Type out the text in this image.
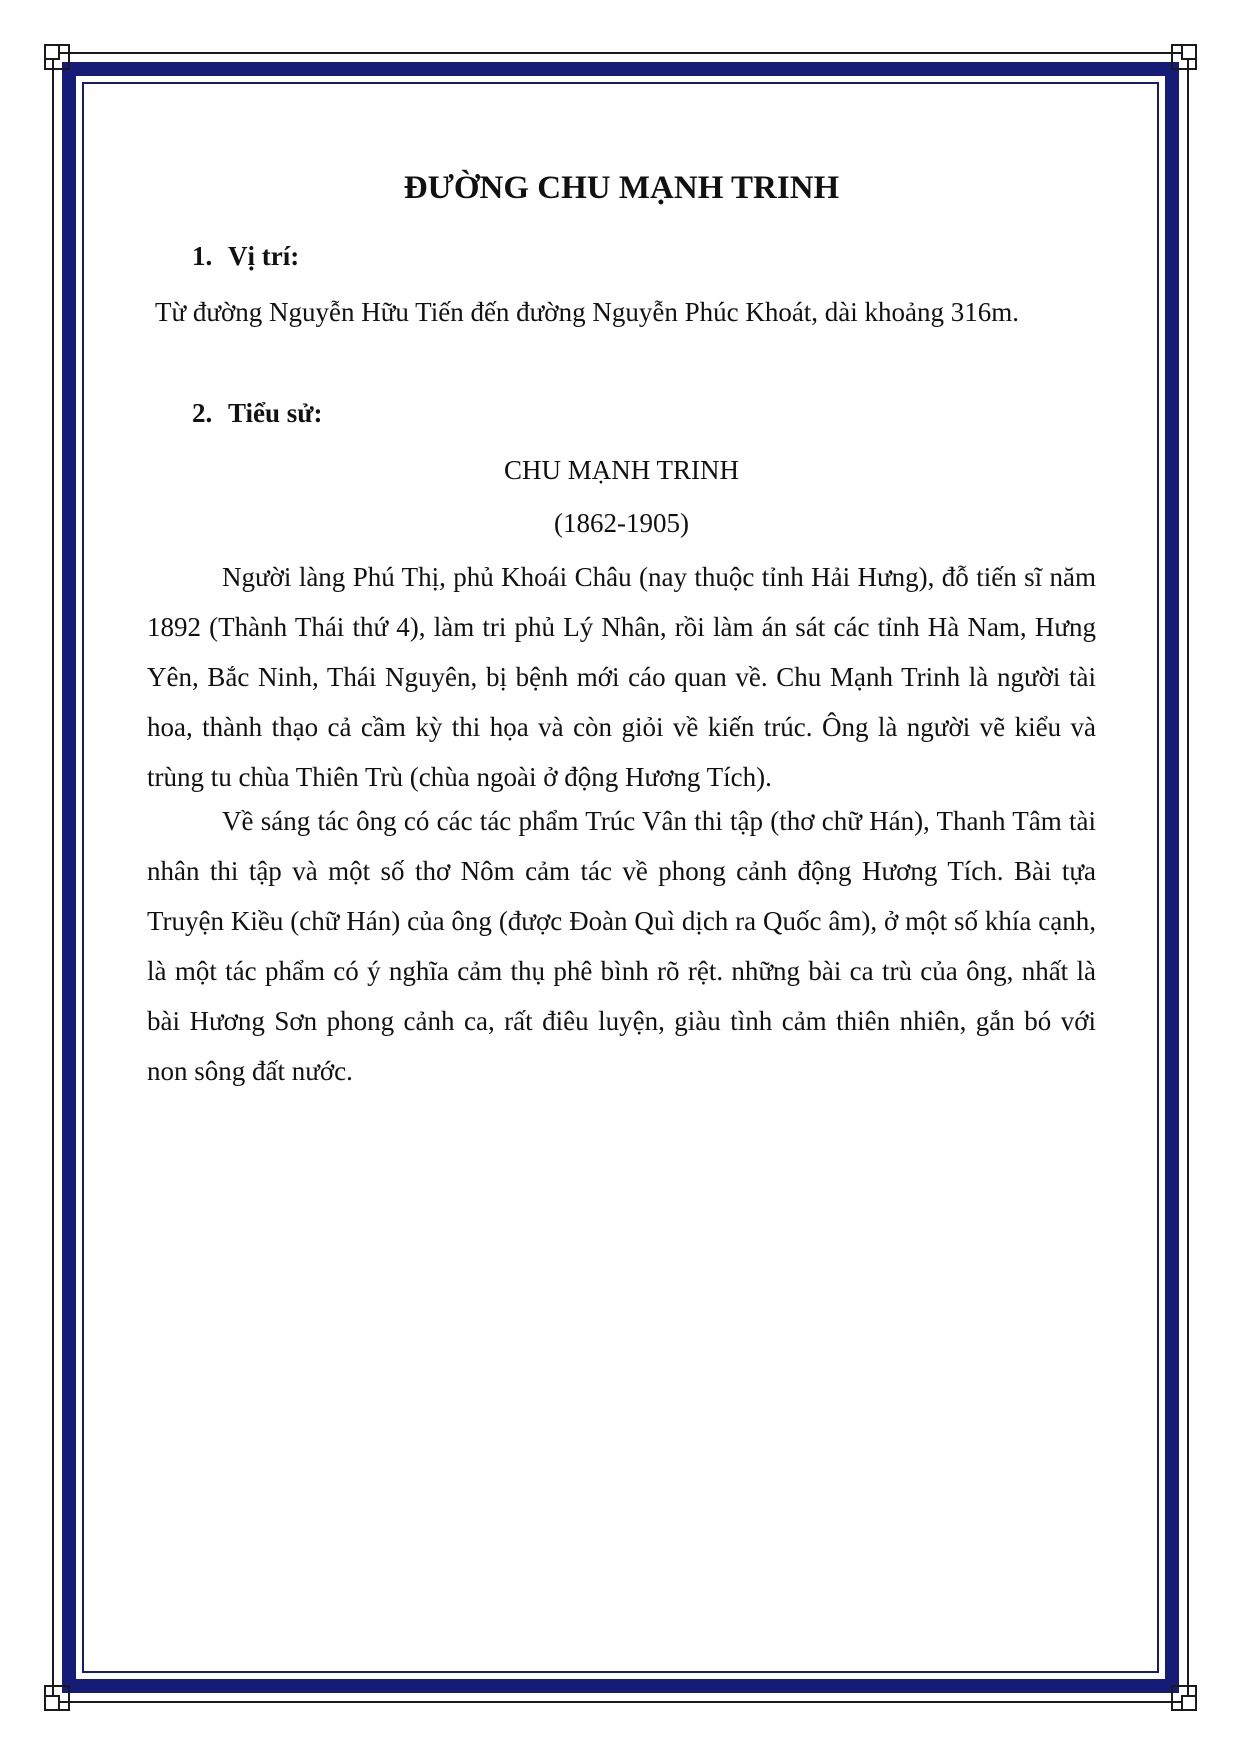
ĐƯỜNG CHU MẠNH TRINH
1. Vị trí:

Từ đường Nguyễn Hữu Tiến đến đường Nguyễn Phúc Khoát, dài khoảng 316m.

2. Tiểu sử:

CHU MẠNH TRINH

(1862-1905)

Người làng Phú Thị, phủ Khoái Châu (nay thuộc tỉnh Hải Hưng), đỗ tiến sĩ năm 1892 (Thành Thái thứ 4), làm tri phủ Lý Nhân, rồi làm án sát các tỉnh Hà Nam, Hưng Yên, Bắc Ninh, Thái Nguyên, bị bệnh mới cáo quan về. Chu Mạnh Trinh là người tài hoa, thành thạo cả cầm kỳ thi họa và còn giỏi về kiến trúc. Ông là người vẽ kiểu và trùng tu chùa Thiên Trù (chùa ngoài ở động Hương Tích).

Về sáng tác ông có các tác phẩm Trúc Vân thi tập (thơ chữ Hán), Thanh Tâm tài nhân thi tập và một số thơ Nôm cảm tác về phong cảnh động Hương Tích. Bài tựa Truyện Kiều (chữ Hán) của ông (được Đoàn Quì dịch ra Quốc âm), ở một số khía cạnh, là một tác phẩm có ý nghĩa cảm thụ phê bình rõ rệt. những bài ca trù của ông, nhất là bài Hương Sơn phong cảnh ca, rất điêu luyện, giàu tình cảm thiên nhiên, gắn bó với non sông đất nước.
